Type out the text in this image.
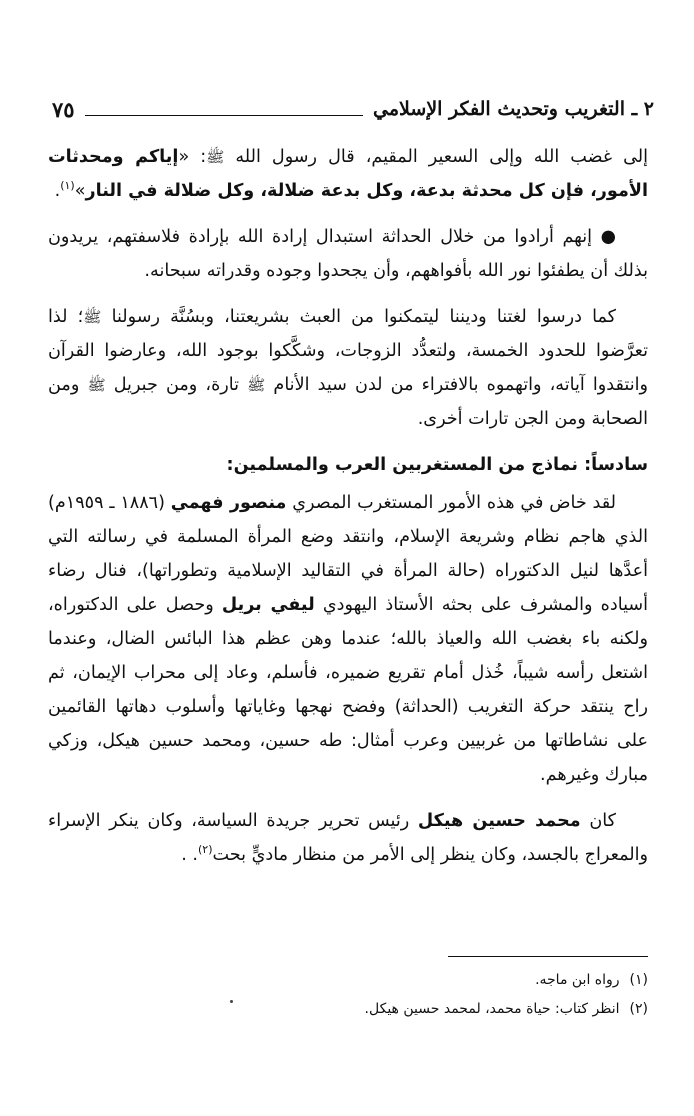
٢ ـ التغريب وتحديث الفكر الإسلامي
٧٥

إلى غضب الله وإلى السعير المقيم، قال رسول الله ﷺ: «إياكم ومحدثات الأمور، فإن كل محدثة بدعة، وكل بدعة ضلالة، وكل ضلالة في النار»$^{(١)}$.

● إنهم أرادوا من خلال الحداثة استبدال إرادة الله بإرادة فلاسفتهم، يريدون بذلك أن يطفئوا نور الله بأفواههم، وأن يجحدوا وجوده وقدراته سبحانه.

كما درسوا لغتنا وديننا ليتمكنوا من العبث بشريعتنا، وبسُنَّة رسولنا ﷺ؛ لذا تعرَّضوا للحدود الخمسة، ولتعدُّد الزوجات، وشكَّكوا بوجود الله، وعارضوا القرآن وانتقدوا آياته، واتهموه بالافتراء من لدن سيد الأنام ﷺ تارة، ومن جبريل ﷺ ومن الصحابة ومن الجن تارات أخرى.

سادساً: نماذج من المستغربين العرب والمسلمين:

لقد خاض في هذه الأمور المستغرب المصري منصور فهمي (١٨٨٦ ـ ١٩٥٩م) الذي هاجم نظام وشريعة الإسلام، وانتقد وضع المرأة المسلمة في رسالته التي أعدَّها لنيل الدكتوراه (حالة المرأة في التقاليد الإسلامية وتطوراتها)، فنال رضاء أسياده والمشرف على بحثه الأستاذ اليهودي ليفي بريل وحصل على الدكتوراه، ولكنه باء بغضب الله والعياذ بالله؛ عندما وهن عظم هذا البائس الضال، وعندما اشتعل رأسه شيباً، خُذل أمام تقريع ضميره، فأسلم، وعاد إلى محراب الإيمان، ثم راح ينتقد حركة التغريب (الحداثة) وفضح نهجها وغاياتها وأسلوب دهاتها القائمين على نشاطاتها من غربيين وعرب أمثال: طه حسين، ومحمد حسين هيكل، وزكي مبارك وغيرهم.

كان محمد حسين هيكل رئيس تحرير جريدة السياسة، وكان ينكر الإسراء والمعراج بالجسد، وكان ينظر إلى الأمر من منظار ماديٍّ بحت$^{(٢)}$. .

(١)
رواه ابن ماجه.
(٢)
انظر كتاب: حياة محمد، لمحمد حسين هيكل.
